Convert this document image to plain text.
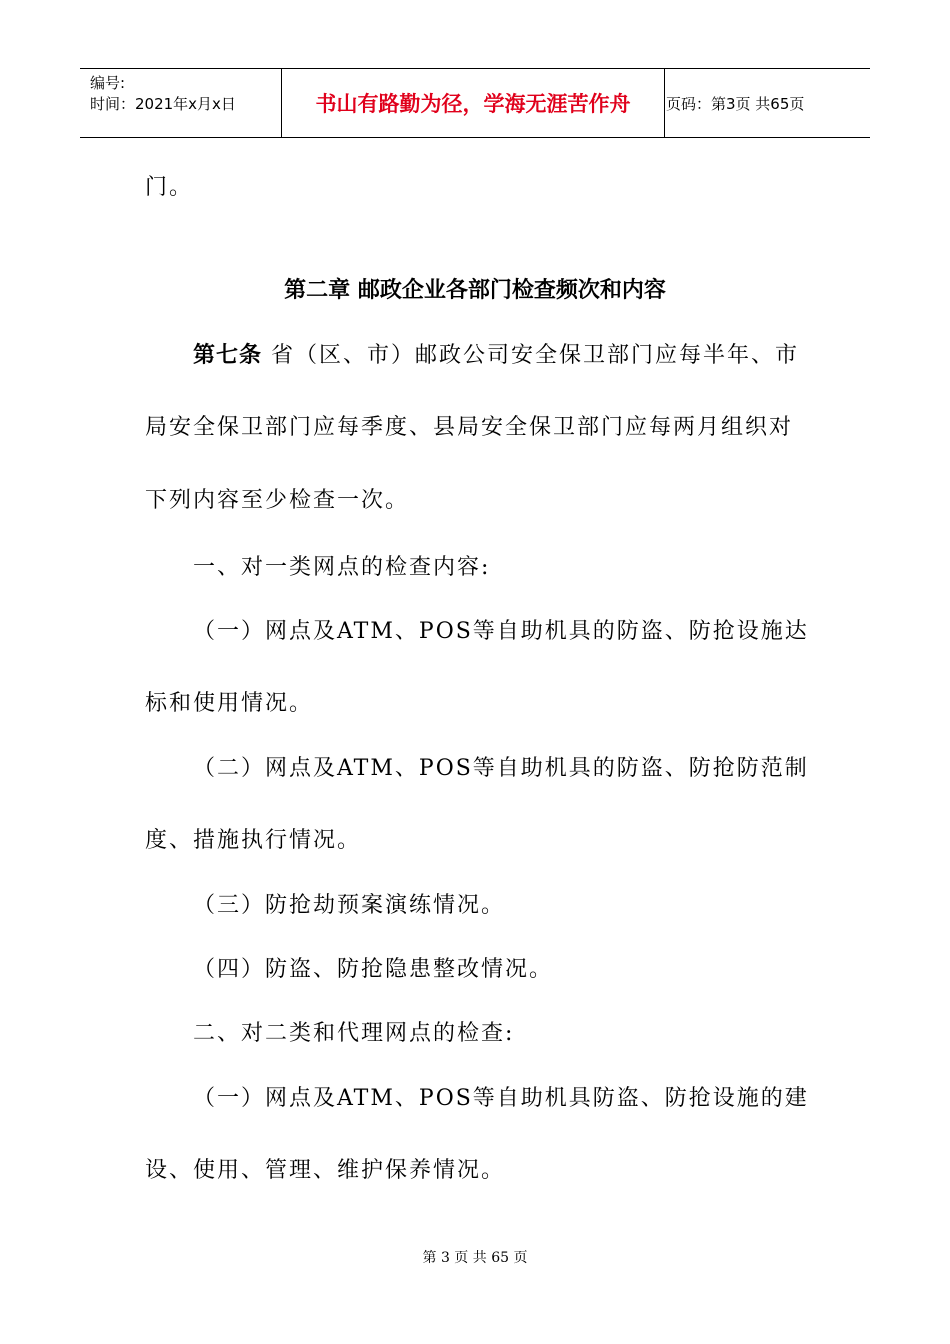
编号:
时间：2021年x月x日	书山有路勤为径，学海无涯苦作舟	页码：第3页 共65页
门。
第二章 邮政企业各部门检查频次和内容
第七条 省（区、市）邮政公司安全保卫部门应每半年、市
局安全保卫部门应每季度、县局安全保卫部门应每两月组织对
下列内容至少检查一次。
一、对一类网点的检查内容:
（一）网点及ATM、POS等自助机具的防盗、防抢设施达
标和使用情况。
（二）网点及ATM、POS等自助机具的防盗、防抢防范制
度、措施执行情况。
（三）防抢劫预案演练情况。
（四）防盗、防抢隐患整改情况。
二、对二类和代理网点的检查:
（一）网点及ATM、POS等自助机具防盗、防抢设施的建
设、使用、管理、维护保养情况。
第 3 页 共 65 页
